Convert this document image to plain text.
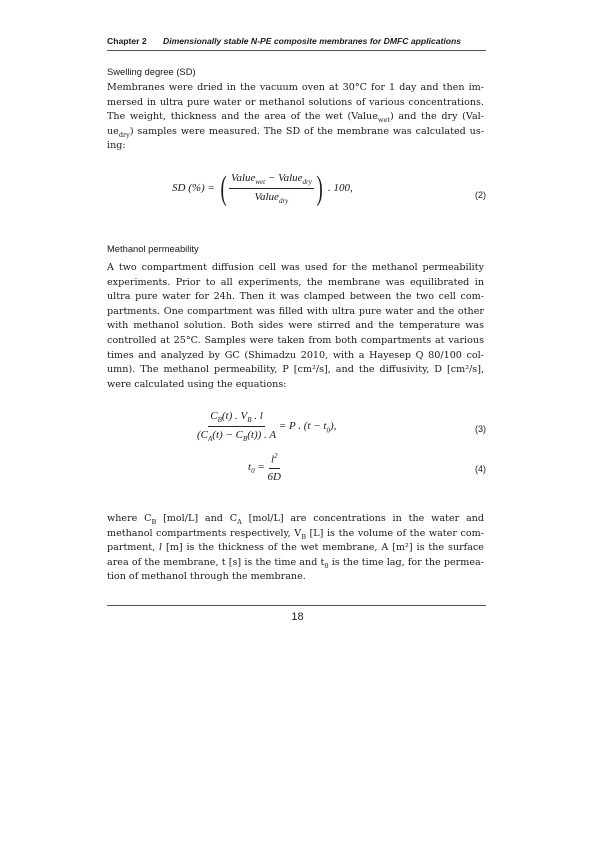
Chapter 2 Dimensionally stable N-PE composite membranes for DMFC applications
Swelling degree (SD)

Membranes were dried in the vacuum oven at 30°C for 1 day and then im-mersed in ultra pure water or methanol solutions of various concentrations. The weight, thickness and the area of the wet (Value$_{wet}$) and the dry $(Val-ue_{dry})$ samples were measured. The SD of the membrane was calculated us-ing:

SD (%) = ( $\frac{Value_{wet} - Value_{dry}}{Value_{dry}}$ ) . 100,
(2)
Methanol permeability

A two compartment diffusion cell was used for the methanol permeability experiments. Prior to all experiments, the membrane was equilibrated in ultra pure water for 24h. Then it was clamped between the two cell com-partments. One compartment was filled with ultra pure water and the other with methanol solution. Both sides were stirred and the temperature was controlled at 25°C. Samples were taken from both compartments at various times and analyzed by GC (Shimadzu 2010, with a Hayesep Q 80/100 col-umn). The methanol permeability, P [cm²/s], and the diffusivity, D [cm²/s], were calculated using the equations:

$\frac{C_B(t) . V_B . l}{(C_A(t) - C_B(t)) . A} = P$ . $(t - t_0)$,	(3)
$t_0 = \frac{l^2}{6D}$	(4)

where $C_B$ [mol/L] and $C_A$ [mol/L] are concentrations in the water and methanol compartments respectively, $V_B$ [L] is the volume of the water com-partment, l [m] is the thickness of the wet membrane, A [m²] is the surface area of the membrane, t [s] is the time and $t_0$ is the time lag, for the permea-tion of methanol through the membrane.

18
